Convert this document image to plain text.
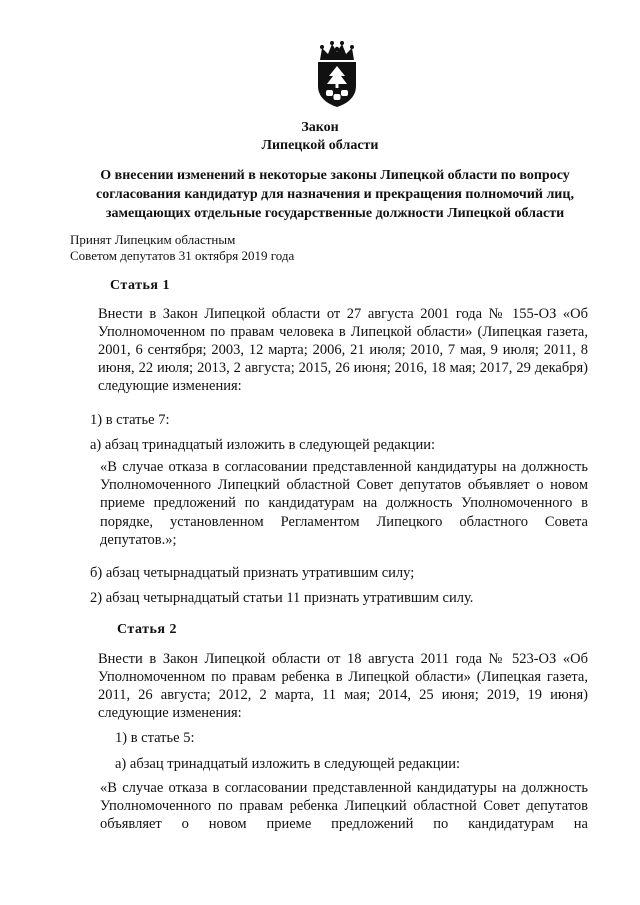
Закон
Липецкой области
О внесении изменений в некоторые законы Липецкой области по вопросу
согласования кандидатур для назначения и прекращения полномочий лиц,
замещающих отдельные государственные должности Липецкой области
Принят Липецким областным
Советом депутатов 31 октября 2019 года
Статья 1
Внести в Закон Липецкой области от 27 августа 2001 года № 155-ОЗ «Об Уполномоченном по правам человека в Липецкой области» (Липецкая газета, 2001, 6 сентября; 2003, 12 марта; 2006, 21 июля; 2010, 7 мая, 9 июля; 2011, 8 июня, 22 июля; 2013, 2 августа; 2015, 26 июня; 2016, 18 мая; 2017, 29 декабря) следующие изменения:
1) в статье 7:
а) абзац тринадцатый изложить в следующей редакции:
«В случае отказа в согласовании представленной кандидатуры на должность Уполномоченного Липецкий областной Совет депутатов объявляет о новом приеме предложений по кандидатурам на должность Уполномоченного в порядке, установленном Регламентом Липецкого областного Совета депутатов.»;
б) абзац четырнадцатый признать утратившим силу;
2) абзац четырнадцатый статьи 11 признать утратившим силу.
Статья 2
Внести в Закон Липецкой области от 18 августа 2011 года № 523-ОЗ «Об Уполномоченном по правам ребенка в Липецкой области» (Липецкая газета, 2011, 26 августа; 2012, 2 марта, 11 мая; 2014, 25 июня; 2019, 19 июня) следующие изменения:
1) в статье 5:
а) абзац тринадцатый изложить в следующей редакции:
«В случае отказа в согласовании представленной кандидатуры на должность Уполномоченного по правам ребенка Липецкий областной Совет депутатов объявляет о новом приеме предложений по кандидатурам на
